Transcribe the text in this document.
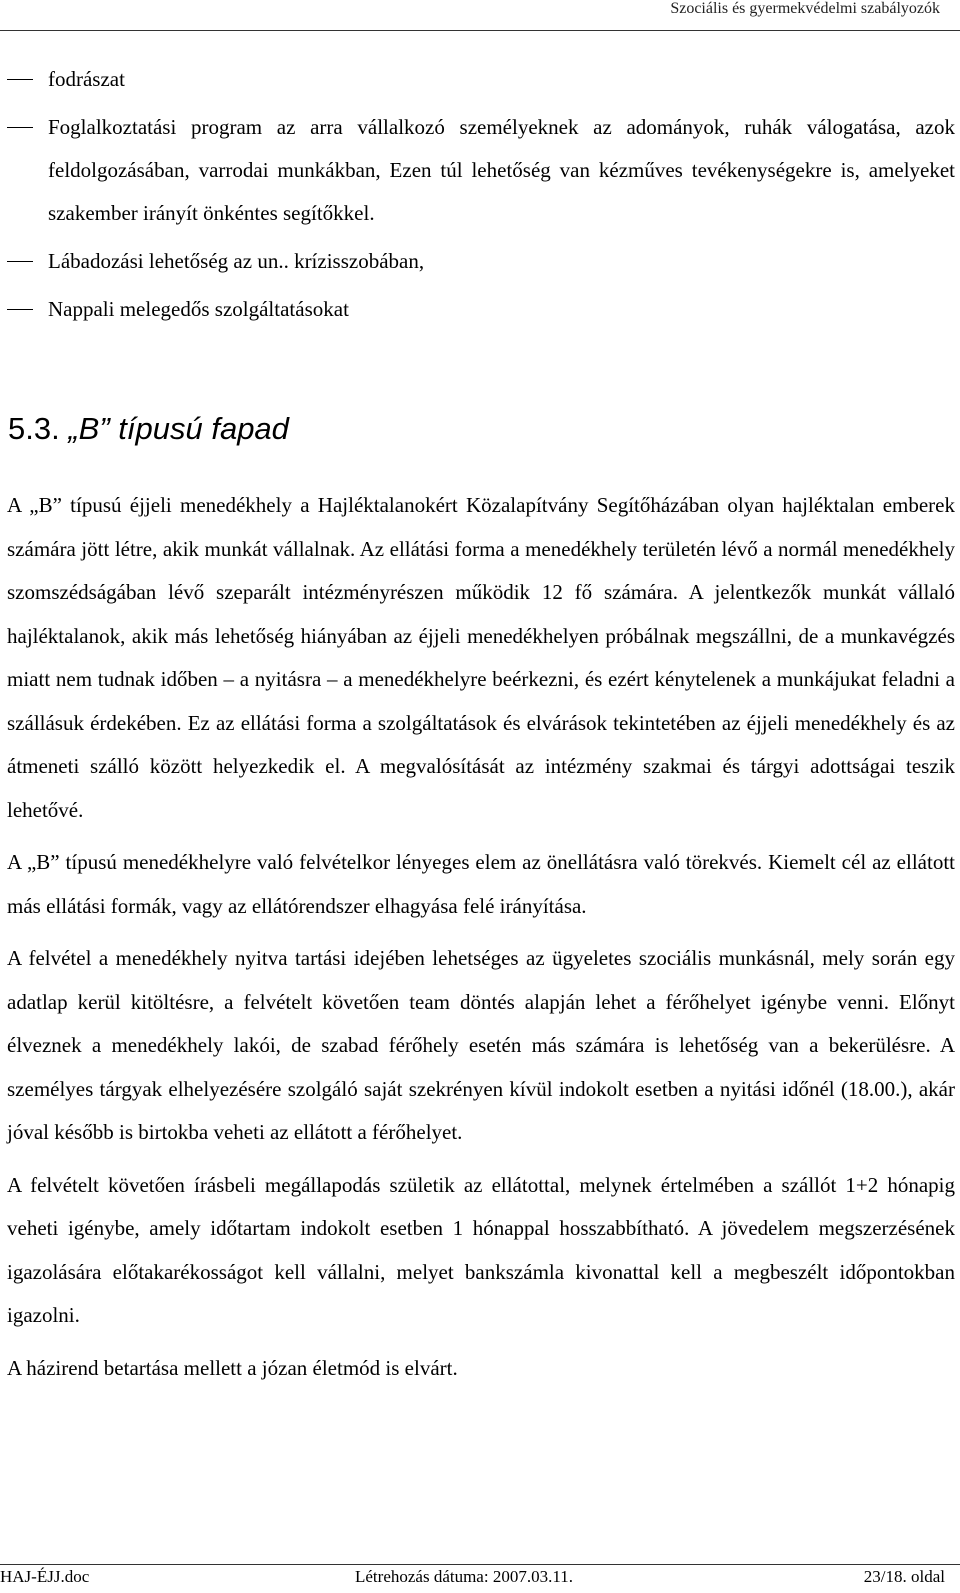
Szociális és gyermekvédelmi szabályozók
fodrászat
Foglalkoztatási program az arra vállalkozó személyeknek az adományok, ruhák válogatása, azok feldolgozásában, varrodai munkákban, Ezen túl lehetőség van kézműves tevékenységekre is, amelyeket szakember irányít önkéntes segítőkkel.
Lábadozási lehetőség az un.. krízisszobában,
Nappali melegedős szolgáltatásokat
5.3. „B” típusú fapad

A „B” típusú éjjeli menedékhely a Hajléktalanokért Közalapítvány Segítőházában olyan hajléktalan emberek számára jött létre, akik munkát vállalnak. Az ellátási forma a menedékhely területén lévő a normál menedékhely szomszédságában lévő szeparált intézményrészen működik 12 fő számára. A jelentkezők munkát vállaló hajléktalanok, akik más lehetőség hiányában az éjjeli menedékhelyen próbálnak megszállni, de a munkavégzés miatt nem tudnak időben – a nyitásra – a menedékhelyre beérkezni, és ezért kénytelenek a munkájukat feladni a szállásuk érdekében. Ez az ellátási forma a szolgáltatások és elvárások tekintetében az éjjeli menedékhely és az átmeneti szálló között helyezkedik el. A megvalósítását az intézmény szakmai és tárgyi adottságai teszik lehetővé.

A „B” típusú menedékhelyre való felvételkor lényeges elem az önellátásra való törekvés. Kiemelt cél az ellátott más ellátási formák, vagy az ellátórendszer elhagyása felé irányítása.

A felvétel a menedékhely nyitva tartási idejében lehetséges az ügyeletes szociális munkásnál, mely során egy adatlap kerül kitöltésre, a felvételt követően team döntés alapján lehet a férőhelyet igénybe venni. Előnyt élveznek a menedékhely lakói, de szabad férőhely esetén más számára is lehetőség van a bekerülésre. A személyes tárgyak elhelyezésére szolgáló saját szekrényen kívül indokolt esetben a nyitási időnél (18.00.), akár jóval később is birtokba veheti az ellátott a férőhelyet.

A felvételt követően írásbeli megállapodás születik az ellátottal, melynek értelmében a szállót 1+2 hónapig veheti igénybe, amely időtartam indokolt esetben 1 hónappal hosszabbítható. A jövedelem megszerzésének igazolására előtakarékosságot kell vállalni, melyet bankszámla kivonattal kell a megbeszélt időpontokban igazolni.

A házirend betartása mellett a józan életmód is elvárt.

HAJ-ÉJJ.doc	Létrehozás dátuma: 2007.03.11.	23/18. oldal
